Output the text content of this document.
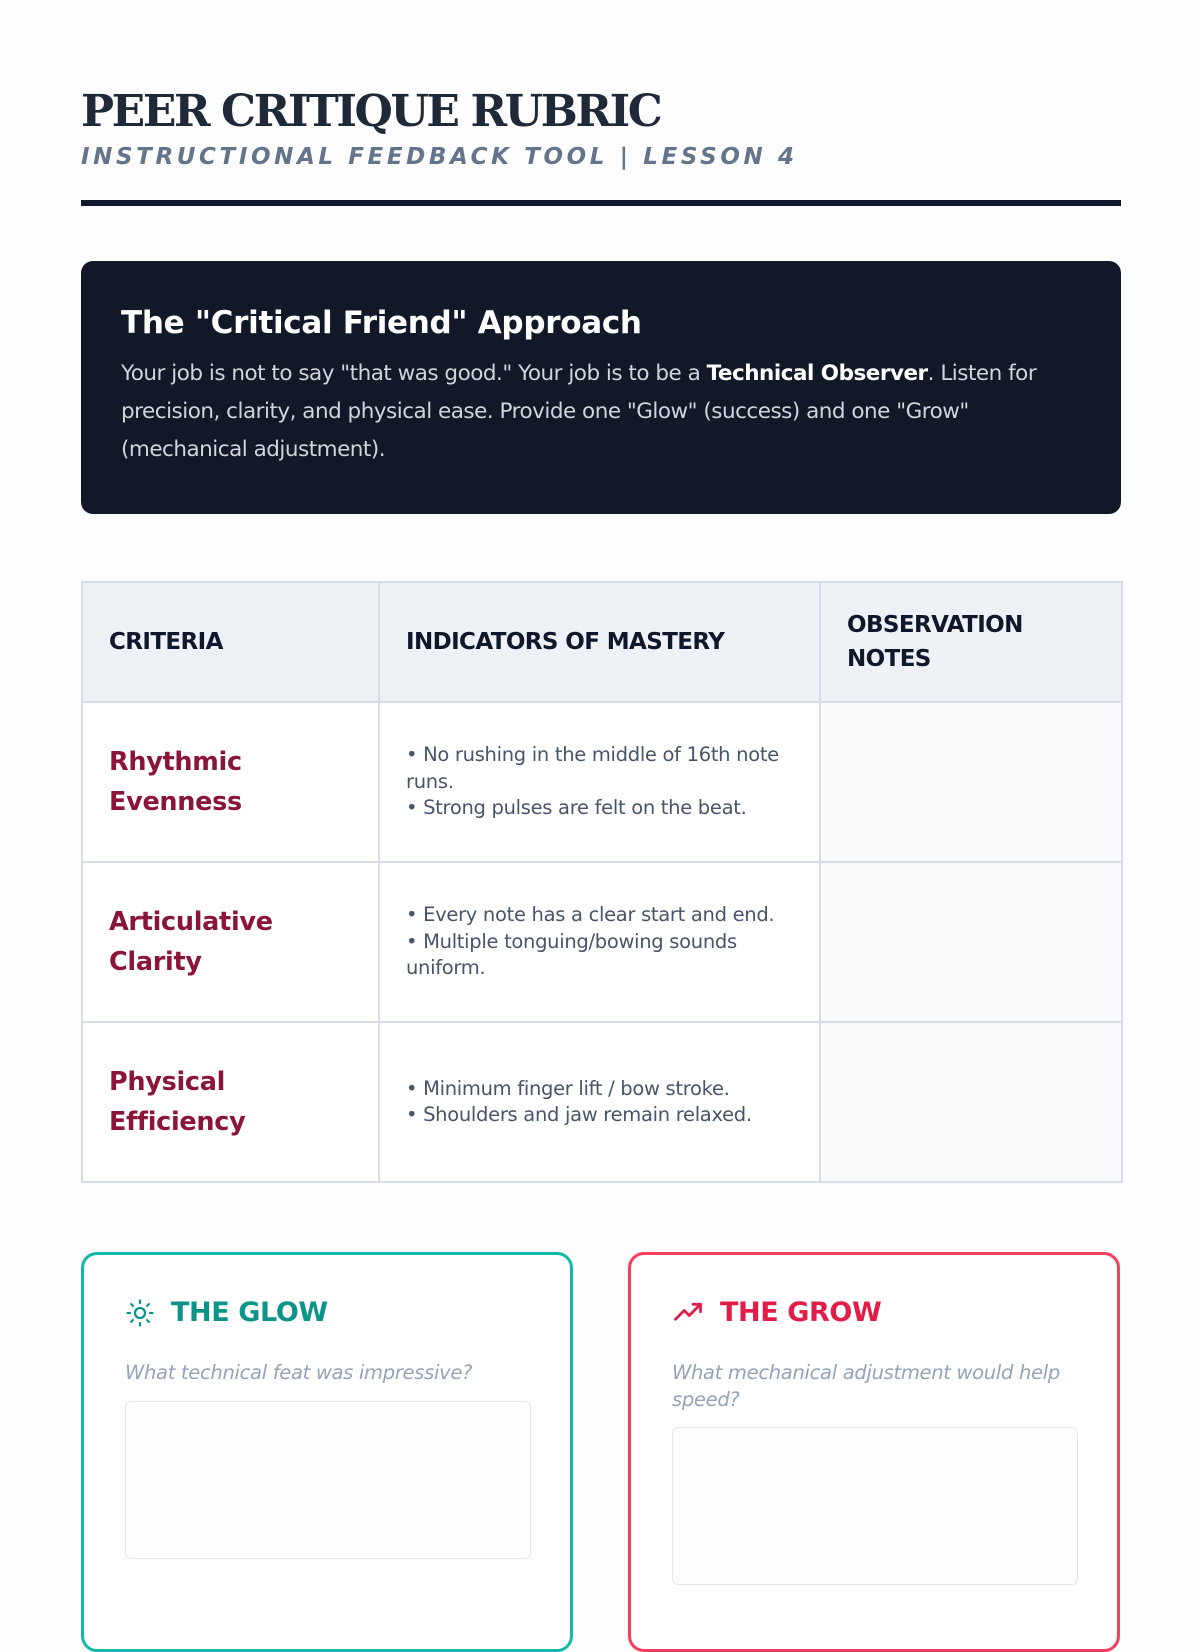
PEER CRITIQUE RUBRIC
INSTRUCTIONAL FEEDBACK TOOL | LESSON 4
The "Critical Friend" Approach

Your job is not to say "that was good." Your job is to be a Technical Observer. Listen for precision, clarity, and physical ease. Provide one "Glow" (success) and one "Grow" (mechanical adjustment).

CRITERIA	INDICATORS OF MASTERY	OBSERVATION NOTES
Rhythmic Evenness	• No rushing in the middle of 16th note runs.
• Strong pulses are felt on the beat.	

Articulative Clarity	• Every note has a clear start and end.
• Multiple tonguing/bowing sounds uniform.	

Physical Efficiency	• Minimum finger lift / bow stroke.
• Shoulders and jaw remain relaxed.	

THE GLOW
What technical feat was impressive?
THE GROW
What mechanical adjustment would help speed?
